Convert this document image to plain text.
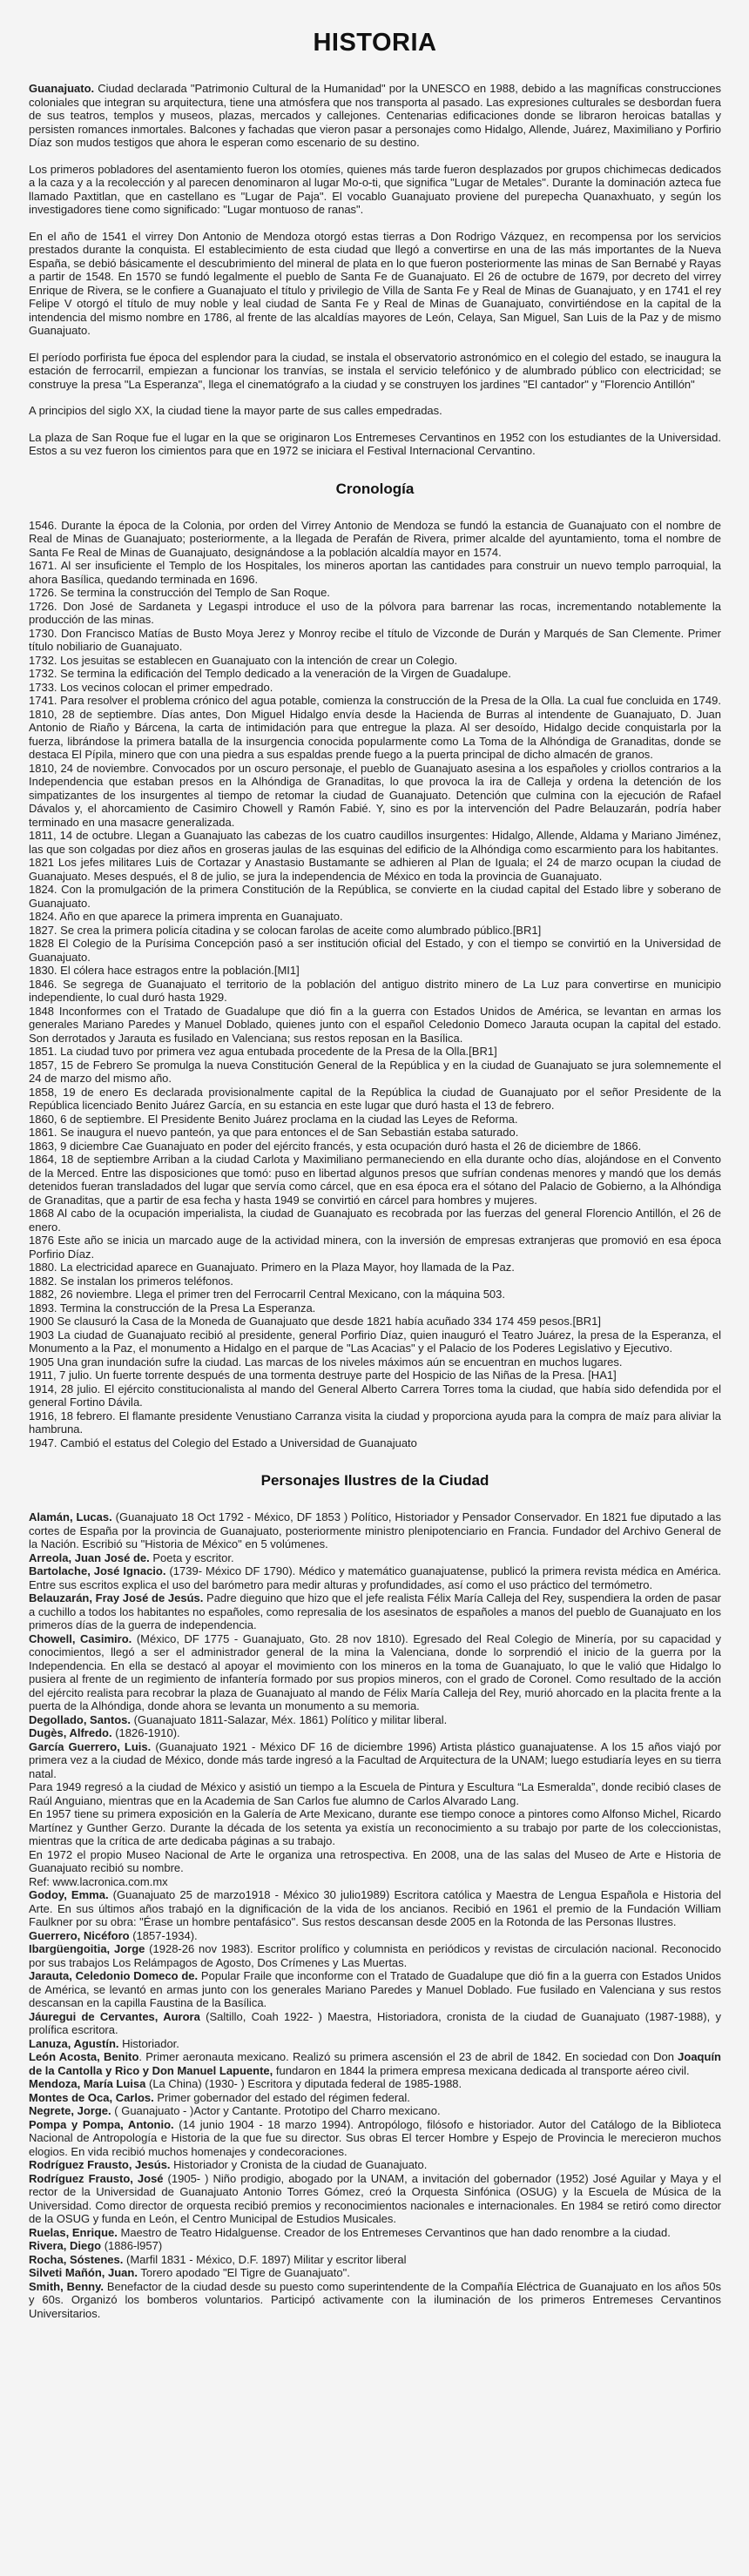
HISTORIA

Guanajuato. Ciudad declarada "Patrimonio Cultural de la Humanidad" por la UNESCO en 1988, debido a las magníficas construcciones coloniales que integran su arquitectura, tiene una atmósfera que nos transporta al pasado. Las expresiones culturales se desbordan fuera de sus teatros, templos y museos, plazas, mercados y callejones. Centenarias edificaciones donde se libraron heroicas batallas y persisten romances inmortales. Balcones y fachadas que vieron pasar a personajes como Hidalgo, Allende, Juárez, Maximiliano y Porfirio Díaz son mudos testigos que ahora le esperan como escenario de su destino.

Los primeros pobladores del asentamiento fueron los otomíes, quienes más tarde fueron desplazados por grupos chichimecas dedicados a la caza y a la recolección y al parecen denominaron al lugar Mo-o-ti, que significa "Lugar de Metales". Durante la dominación azteca fue llamado Paxtitlan, que en castellano es "Lugar de Paja". El vocablo Guanajuato proviene del purepecha Quanaxhuato, y según los investigadores tiene como significado: "Lugar montuoso de ranas".

En el año de 1541 el virrey Don Antonio de Mendoza otorgó estas tierras a Don Rodrigo Vázquez, en recompensa por los servicios prestados durante la conquista. El establecimiento de esta ciudad que llegó a convertirse en una de las más importantes de la Nueva España, se debió básicamente el descubrimiento del mineral de plata en lo que fueron posteriormente las minas de San Bernabé y Rayas a partir de 1548. En 1570 se fundó legalmente el pueblo de Santa Fe de Guanajuato. El 26 de octubre de 1679, por decreto del virrey Enrique de Rivera, se le confiere a Guanajuato el título y privilegio de Villa de Santa Fe y Real de Minas de Guanajuato, y en 1741 el rey Felipe V otorgó el título de muy noble y leal ciudad de Santa Fe y Real de Minas de Guanajuato, convirtiéndose en la capital de la intendencia del mismo nombre en 1786, al frente de las alcaldías mayores de León, Celaya, San Miguel, San Luis de la Paz y de mismo Guanajuato.

El período porfirista fue época del esplendor para la ciudad, se instala el observatorio astronómico en el colegio del estado, se inaugura la estación de ferrocarril, empiezan a funcionar los tranvías, se instala el servicio telefónico y de alumbrado público con electricidad; se construye la presa "La Esperanza", llega el cinematógrafo a la ciudad y se construyen los jardines "El cantador" y "Florencio Antillón"

A principios del siglo XX, la ciudad tiene la mayor parte de sus calles empedradas.

La plaza de San Roque fue el lugar en la que se originaron Los Entremeses Cervantinos en 1952 con los estudiantes de la Universidad. Estos a su vez fueron los cimientos para que en 1972 se iniciara el Festival Internacional Cervantino.

Cronología

1546. Durante la época de la Colonia, por orden del Virrey Antonio de Mendoza se fundó la estancia de Guanajuato con el nombre de Real de Minas de Guanajuato; posteriormente, a la llegada de Perafán de Rivera, primer alcalde del ayuntamiento, toma el nombre de Santa Fe Real de Minas de Guanajuato, designándose a la población alcaldía mayor en 1574.

1671. Al ser insuficiente el Templo de los Hospitales, los mineros aportan las cantidades para construir un nuevo templo parroquial, la ahora Basílica, quedando terminada en 1696.

1726. Se termina la construcción del Templo de San Roque.

1726. Don José de Sardaneta y Legaspi introduce el uso de la pólvora para barrenar las rocas, incrementando notablemente la producción de las minas.

1730. Don Francisco Matías de Busto Moya Jerez y Monroy recibe el título de Vizconde de Durán y Marqués de San Clemente. Primer título nobiliario de Guanajuato.

1732. Los jesuitas se establecen en Guanajuato con la intención de crear un Colegio.

1732. Se termina la edificación del Templo dedicado a la veneración de la Virgen de Guadalupe.

1733. Los vecinos colocan el primer empedrado.

1741. Para resolver el problema crónico del agua potable, comienza la construcción de la Presa de la Olla. La cual fue concluida en 1749.

1810, 28 de septiembre. Días antes, Don Miguel Hidalgo envía desde la Hacienda de Burras al intendente de Guanajuato, D. Juan Antonio de Riaño y Bárcena, la carta de intimidación para que entregue la plaza. Al ser desoído, Hidalgo decide conquistarla por la fuerza, librándose la primera batalla de la insurgencia conocida popularmente como La Toma de la Alhóndiga de Granaditas, donde se destaca El Pípila, minero que con una piedra a sus espaldas prende fuego a la puerta principal de dicho almacén de granos.

1810, 24 de noviembre. Convocados por un oscuro personaje, el pueblo de Guanajuato asesina a los españoles y criollos contrarios a la Independencia que estaban presos en la Alhóndiga de Granaditas, lo que provoca la ira de Calleja y ordena la detención de los simpatizantes de los insurgentes al tiempo de retomar la ciudad de Guanajuato. Detención que culmina con la ejecución de Rafael Dávalos y, el ahorcamiento de Casimiro Chowell y Ramón Fabié. Y, sino es por la intervención del Padre Belauzarán, podría haber terminado en una masacre generalizada.

1811, 14 de octubre. Llegan a Guanajuato las cabezas de los cuatro caudillos insurgentes: Hidalgo, Allende, Aldama y Mariano Jiménez, las que son colgadas por diez años en groseras jaulas de las esquinas del edificio de la Alhóndiga como escarmiento para los habitantes.

1821 Los jefes militares Luis de Cortazar y Anastasio Bustamante se adhieren al Plan de Iguala; el 24 de marzo ocupan la ciudad de Guanajuato. Meses después, el 8 de julio, se jura la independencia de México en toda la provincia de Guanajuato.

1824. Con la promulgación de la primera Constitución de la República, se convierte en la ciudad capital del Estado libre y soberano de Guanajuato.

1824. Año en que aparece la primera imprenta en Guanajuato.

1827. Se crea la primera policía citadina y se colocan farolas de aceite como alumbrado público.[BR1]

1828 El Colegio de la Purísima Concepción pasó a ser institución oficial del Estado, y con el tiempo se convirtió en la Universidad de Guanajuato.

1830. El cólera hace estragos entre la población.[MI1]

1846. Se segrega de Guanajuato el territorio de la población del antiguo distrito minero de La Luz para convertirse en municipio independiente, lo cual duró hasta 1929.

1848 Inconformes con el Tratado de Guadalupe que dió fin a la guerra con Estados Unidos de América, se levantan en armas los generales Mariano Paredes y Manuel Doblado, quienes junto con el español Celedonio Domeco Jarauta ocupan la capital del estado. Son derrotados y Jarauta es fusilado en Valenciana; sus restos reposan en la Basílica.

1851. La ciudad tuvo por primera vez agua entubada procedente de la Presa de la Olla.[BR1]

1857, 15 de Febrero Se promulga la nueva Constitución General de la República y en la ciudad de Guanajuato se jura solemnemente el 24 de marzo del mismo año.

1858, 19 de enero Es declarada provisionalmente capital de la República la ciudad de Guanajuato por el señor Presidente de la República licenciado Benito Juárez García, en su estancia en este lugar que duró hasta el 13 de febrero.

1860, 6 de septiembre. El Presidente Benito Juárez proclama en la ciudad las Leyes de Reforma.

1861. Se inaugura el nuevo panteón, ya que para entonces el de San Sebastián estaba saturado.

1863, 9 diciembre Cae Guanajuato en poder del ejército francés, y esta ocupación duró hasta el 26 de diciembre de 1866.

1864, 18 de septiembre Arriban a la ciudad Carlota y Maximiliano permaneciendo en ella durante ocho días, alojándose en el Convento de la Merced. Entre las disposiciones que tomó: puso en libertad algunos presos que sufrían condenas menores y mandó que los demás detenidos fueran transladados del lugar que servía como cárcel, que en esa época era el sótano del Palacio de Gobierno, a la Alhóndiga de Granaditas, que a partir de esa fecha y hasta 1949 se convirtió en cárcel para hombres y mujeres.

1868 Al cabo de la ocupación imperialista, la ciudad de Guanajuato es recobrada por las fuerzas del general Florencio Antillón, el 26 de enero.

1876 Este año se inicia un marcado auge de la actividad minera, con la inversión de empresas extranjeras que promovió en esa época Porfirio Díaz.

1880. La electricidad aparece en Guanajuato. Primero en la Plaza Mayor, hoy llamada de la Paz.

1882. Se instalan los primeros teléfonos.

1882, 26 noviembre. Llega el primer tren del Ferrocarril Central Mexicano, con la máquina 503.

1893. Termina la construcción de la Presa La Esperanza.

1900 Se clausuró la Casa de la Moneda de Guanajuato que desde 1821 había acuñado 334 174 459 pesos.[BR1]

1903 La ciudad de Guanajuato recibió al presidente, general Porfirio Díaz, quien inauguró el Teatro Juárez, la presa de la Esperanza, el Monumento a la Paz, el monumento a Hidalgo en el parque de "Las Acacias" y el Palacio de los Poderes Legislativo y Ejecutivo.

1905 Una gran inundación sufre la ciudad. Las marcas de los niveles máximos aún se encuentran en muchos lugares.

1911, 7 julio. Un fuerte torrente después de una tormenta destruye parte del Hospicio de las Niñas de la Presa. [HA1]

1914, 28 julio. El ejército constitucionalista al mando del General Alberto Carrera Torres toma la ciudad, que había sido defendida por el general Fortino Dávila.

1916, 18 febrero. El flamante presidente Venustiano Carranza visita la ciudad y proporciona ayuda para la compra de maíz para aliviar la hambruna.

1947. Cambió el estatus del Colegio del Estado a Universidad de Guanajuato

Personajes Ilustres de la Ciudad

Alamán, Lucas. (Guanajuato 18 Oct 1792 - México, DF 1853 ) Político, Historiador y Pensador Conservador. En 1821 fue diputado a las cortes de España por la provincia de Guanajuato, posteriormente ministro plenipotenciario en Francia. Fundador del Archivo General de la Nación. Escribió su "Historia de México" en 5 volúmenes.

Arreola, Juan José de. Poeta y escritor.

Bartolache, José Ignacio. (1739- México DF 1790). Médico y matemático guanajuatense, publicó la primera revista médica en América. Entre sus escritos explica el uso del barómetro para medir alturas y profundidades, así como el uso práctico del termómetro.

Belauzarán, Fray José de Jesús. Padre dieguino que hizo que el jefe realista Félix María Calleja del Rey, suspendiera la orden de pasar a cuchillo a todos los habitantes no españoles, como represalia de los asesinatos de españoles a manos del pueblo de Guanajuato en los primeros días de la guerra de independencia.

Chowell, Casimiro. (México, DF 1775 - Guanajuato, Gto. 28 nov 1810). Egresado del Real Colegio de Minería, por su capacidad y conocimientos, llegó a ser el administrador general de la mina la Valenciana, donde lo sorprendió el inicio de la guerra por la Independencia. En ella se destacó al apoyar el movimiento con los mineros en la toma de Guanajuato, lo que le valió que Hidalgo lo pusiera al frente de un regimiento de infantería formado por sus propios mineros, con el grado de Coronel. Como resultado de la acción del ejército realista para recobrar la plaza de Guanajuato al mando de Félix María Calleja del Rey, murió ahorcado en la placita frente a la puerta de la Alhóndiga, donde ahora se levanta un monumento a su memoria.

Degollado, Santos. (Guanajuato 1811-Salazar, Méx. 1861) Político y militar liberal.

Dugès, Alfredo. (1826-1910).

García Guerrero, Luis. (Guanajuato 1921 - México DF 16 de diciembre 1996) Artista plástico guanajuatense. A los 15 años viajó por primera vez a la ciudad de México, donde más tarde ingresó a la Facultad de Arquitectura de la UNAM; luego estudiaría leyes en su tierra natal.

Para 1949 regresó a la ciudad de México y asistió un tiempo a la Escuela de Pintura y Escultura “La Esmeralda”, donde recibió clases de Raúl Anguiano, mientras que en la Academia de San Carlos fue alumno de Carlos Alvarado Lang.

En 1957 tiene su primera exposición en la Galería de Arte Mexicano, durante ese tiempo conoce a pintores como Alfonso Michel, Ricardo Martínez y Gunther Gerzo. Durante la década de los setenta ya existía un reconocimiento a su trabajo por parte de los coleccionistas, mientras que la crítica de arte dedicaba páginas a su trabajo.

En 1972 el propio Museo Nacional de Arte le organiza una retrospectiva. En 2008, una de las salas del Museo de Arte e Historia de Guanajuato recibió su nombre.

Ref: www.lacronica.com.mx

Godoy, Emma. (Guanajuato 25 de marzo1918 - México 30 julio1989) Escritora católica y Maestra de Lengua Española e Historia del Arte. En sus últimos años trabajó en la dignificación de la vida de los ancianos. Recibió en 1961 el premio de la Fundación William Faulkner por su obra: "Érase un hombre pentafásico". Sus restos descansan desde 2005 en la Rotonda de las Personas Ilustres.

Guerrero, Nicéforo (1857-1934).

Ibargüengoitia, Jorge (1928-26 nov 1983). Escritor prolífico y columnista en periódicos y revistas de circulación nacional. Reconocido por sus trabajos Los Relámpagos de Agosto, Dos Crímenes y Las Muertas.

Jarauta, Celedonio Domeco de. Popular Fraile que inconforme con el Tratado de Guadalupe que dió fin a la guerra con Estados Unidos de América, se levantó en armas junto con los generales Mariano Paredes y Manuel Doblado. Fue fusilado en Valenciana y sus restos descansan en la capilla Faustina de la Basílica.

Jáuregui de Cervantes, Aurora (Saltillo, Coah 1922- ) Maestra, Historiadora, cronista de la ciudad de Guanajuato (1987-1988), y prolífica escritora.

Lanuza, Agustín. Historiador.

León Acosta, Benito. Primer aeronauta mexicano. Realizó su primera ascensión el 23 de abril de 1842. En sociedad con Don Joaquín de la Cantolla y Rico y Don Manuel Lapuente, fundaron en 1844 la primera empresa mexicana dedicada al transporte aéreo civil.

Mendoza, María Luisa (La China) (1930- ) Escritora y diputada federal de 1985-1988.

Montes de Oca, Carlos. Primer gobernador del estado del régimen federal.

Negrete, Jorge. ( Guanajuato - )Actor y Cantante. Prototipo del Charro mexicano.

Pompa y Pompa, Antonio. (14 junio 1904 - 18 marzo 1994). Antropólogo, filósofo e historiador. Autor del Catálogo de la Biblioteca Nacional de Antropología e Historia de la que fue su director. Sus obras El tercer Hombre y Espejo de Provincia le merecieron muchos elogios. En vida recibió muchos homenajes y condecoraciones.

Rodríguez Frausto, Jesús. Historiador y Cronista de la ciudad de Guanajuato.

Rodríguez Frausto, José (1905- ) Niño prodigio, abogado por la UNAM, a invitación del gobernador (1952) José Aguilar y Maya y el rector de la Universidad de Guanajuato Antonio Torres Gómez, creó la Orquesta Sinfónica (OSUG) y la Escuela de Música de la Universidad. Como director de orquesta recibió premios y reconocimientos nacionales e internacionales. En 1984 se retiró como director de la OSUG y funda en León, el Centro Municipal de Estudios Musicales.

Ruelas, Enrique. Maestro de Teatro Hidalguense. Creador de los Entremeses Cervantinos que han dado renombre a la ciudad.

Rivera, Diego (1886-l957)

Rocha, Sóstenes. (Marfil 1831 - México, D.F. 1897) Militar y escritor liberal

Silveti Mañón, Juan. Torero apodado "El Tigre de Guanajuato".

Smith, Benny. Benefactor de la ciudad desde su puesto como superintendente de la Compañía Eléctrica de Guanajuato en los años 50s y 60s. Organizó los bomberos voluntarios. Participó activamente con la iluminación de los primeros Entremeses Cervantinos Universitarios.
